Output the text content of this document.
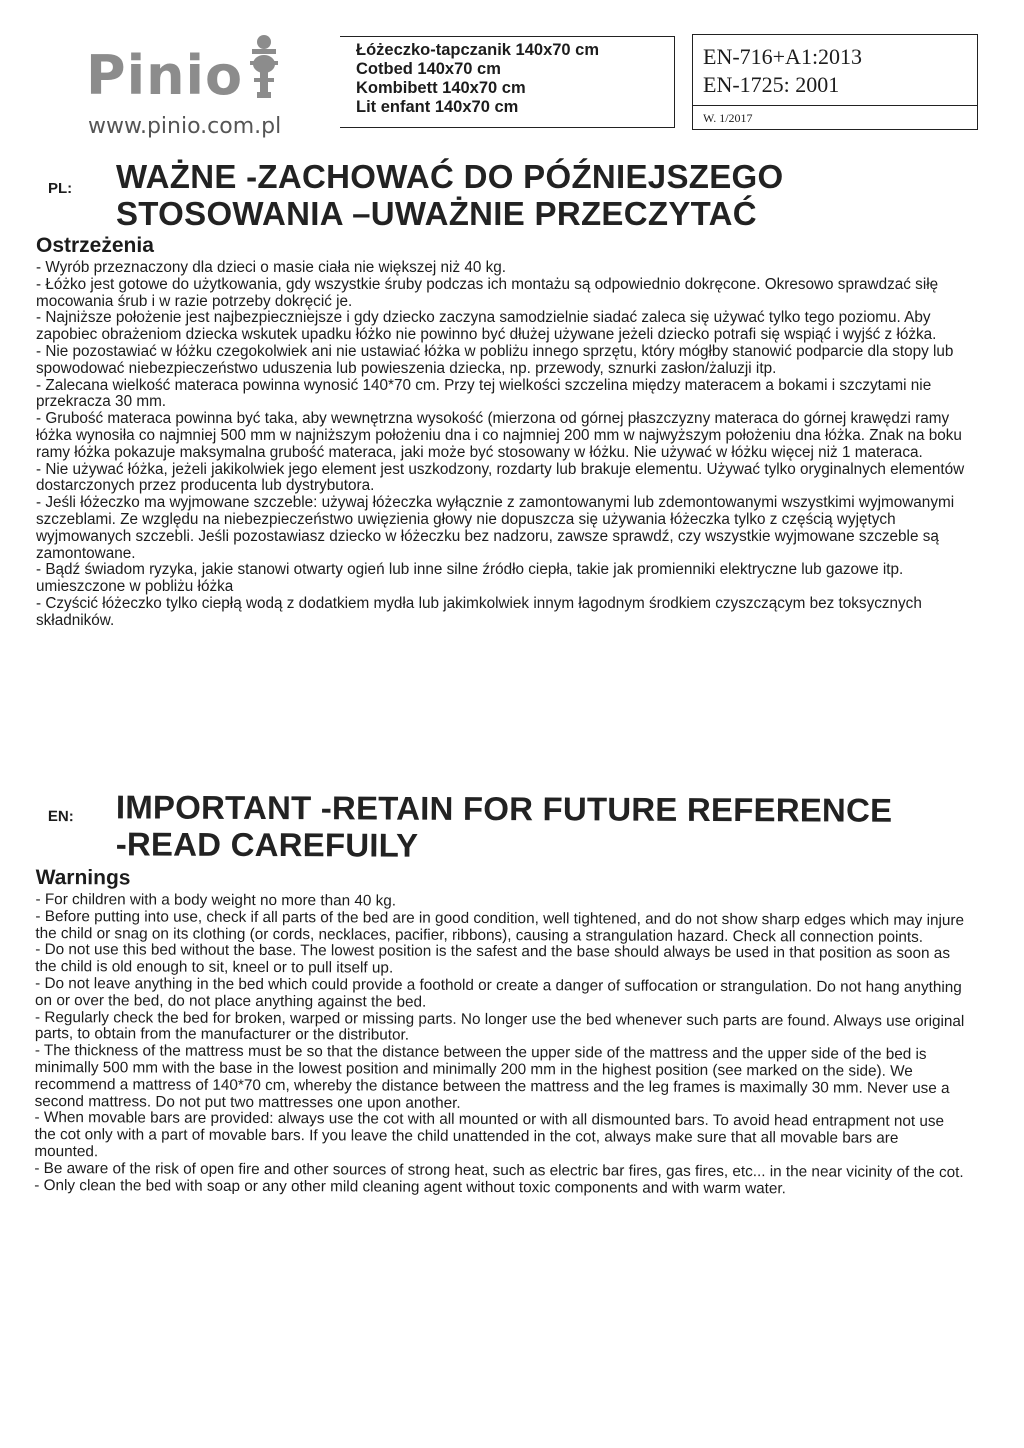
Pinio
www.pinio.com.pl
Łóżeczko-tapczanik 140x70 cm
Cotbed 140x70 cm
Kombibett 140x70 cm
Lit enfant 140x70 cm
EN-716+A1:2013
EN-1725: 2001
W. 1/2017
PL: WAŻNE -ZACHOWAĆ DO PÓŹNIEJSZEGO
STOSOWANIA –UWAŻNIE PRZECZYTAĆ
Ostrzeżenia

- Wyrób przeznaczony dla dzieci o masie ciała nie większej niż 40 kg.

- Łóżko jest gotowe do użytkowania, gdy wszystkie śruby podczas ich montażu są odpowiednio dokręcone. Okresowo sprawdzać siłę mocowania śrub i w razie potrzeby dokręcić je.

- Najniższe położenie jest najbezpieczniejsze i gdy dziecko zaczyna samodzielnie siadać zaleca się używać tylko tego poziomu. Aby zapobiec obrażeniom dziecka wskutek upadku łóżko nie powinno być dłużej używane jeżeli dziecko potrafi się wspiąć i wyjść z łóżka.

- Nie pozostawiać w łóżku czegokolwiek ani nie ustawiać łóżka w pobliżu innego sprzętu, który mógłby stanowić podparcie dla stopy lub spowodować niebezpieczeństwo uduszenia lub powieszenia dziecka, np. przewody, sznurki zasłon/żaluzji itp.

- Zalecana wielkość materaca powinna wynosić 140*70 cm. Przy tej wielkości szczelina między materacem a bokami i szczytami nie przekracza 30 mm.

- Grubość materaca powinna być taka, aby wewnętrzna wysokość (mierzona od górnej płaszczyzny materaca do górnej krawędzi ramy łóżka wynosiła co najmniej 500 mm w najniższym położeniu dna i co najmniej 200 mm w najwyższym położeniu dna łóżka. Znak na boku ramy łóżka pokazuje maksymalna grubość materaca, jaki może być stosowany w łóżku. Nie używać w łóżku więcej niż 1 materaca.

- Nie używać łóżka, jeżeli jakikolwiek jego element jest uszkodzony, rozdarty lub brakuje elementu. Używać tylko oryginalnych elementów dostarczonych przez producenta lub dystrybutora.

- Jeśli łóżeczko ma wyjmowane szczeble: używaj łóżeczka wyłącznie z zamontowanymi lub zdemontowanymi wszystkimi wyjmowanymi szczeblami. Ze względu na niebezpieczeństwo uwięzienia głowy nie dopuszcza się używania łóżeczka tylko z częścią wyjętych wyjmowanych szczebli. Jeśli pozostawiasz dziecko w łóżeczku bez nadzoru, zawsze sprawdź, czy wszystkie wyjmowane szczeble są zamontowane.

- Bądź świadom ryzyka, jakie stanowi otwarty ogień lub inne silne źródło ciepła, takie jak promienniki elektryczne lub gazowe itp. umieszczone w pobliżu łóżka

- Czyścić łóżeczko tylko ciepłą wodą z dodatkiem mydła lub jakimkolwiek innym łagodnym środkiem czyszczącym bez toksycznych składników.

EN: IMPORTANT -RETAIN FOR FUTURE REFERENCE
-READ CAREFUILY
Warnings

- For children with a body weight no more than 40 kg.

- Before putting into use, check if all parts of the bed are in good condition, well tightened, and do not show sharp edges which may injure the child or snag on its clothing (or cords, necklaces, pacifier, ribbons), causing a strangulation hazard. Check all connection points.

- Do not use this bed without the base. The lowest position is the safest and the base should always be used in that position as soon as the child is old enough to sit, kneel or to pull itself up.

- Do not leave anything in the bed which could provide a foothold or create a danger of suffocation or strangulation. Do not hang anything on or over the bed, do not place anything against the bed.

- Regularly check the bed for broken, warped or missing parts. No longer use the bed whenever such parts are found. Always use original parts, to obtain from the manufacturer or the distributor.

- The thickness of the mattress must be so that the distance between the upper side of the mattress and the upper side of the bed is minimally 500 mm with the base in the lowest position and minimally 200 mm in the highest position (see marked on the side). We recommend a mattress of 140*70 cm, whereby the distance between the mattress and the leg frames is maximally 30 mm. Never use a second mattress. Do not put two mattresses one upon another.

- When movable bars are provided: always use the cot with all mounted or with all dismounted bars. To avoid head entrapment not use the cot only with a part of movable bars. If you leave the child unattended in the cot, always make sure that all movable bars are mounted.

- Be aware of the risk of open fire and other sources of strong heat, such as electric bar fires, gas fires, etc... in the near vicinity of the cot.

- Only clean the bed with soap or any other mild cleaning agent without toxic components and with warm water.
